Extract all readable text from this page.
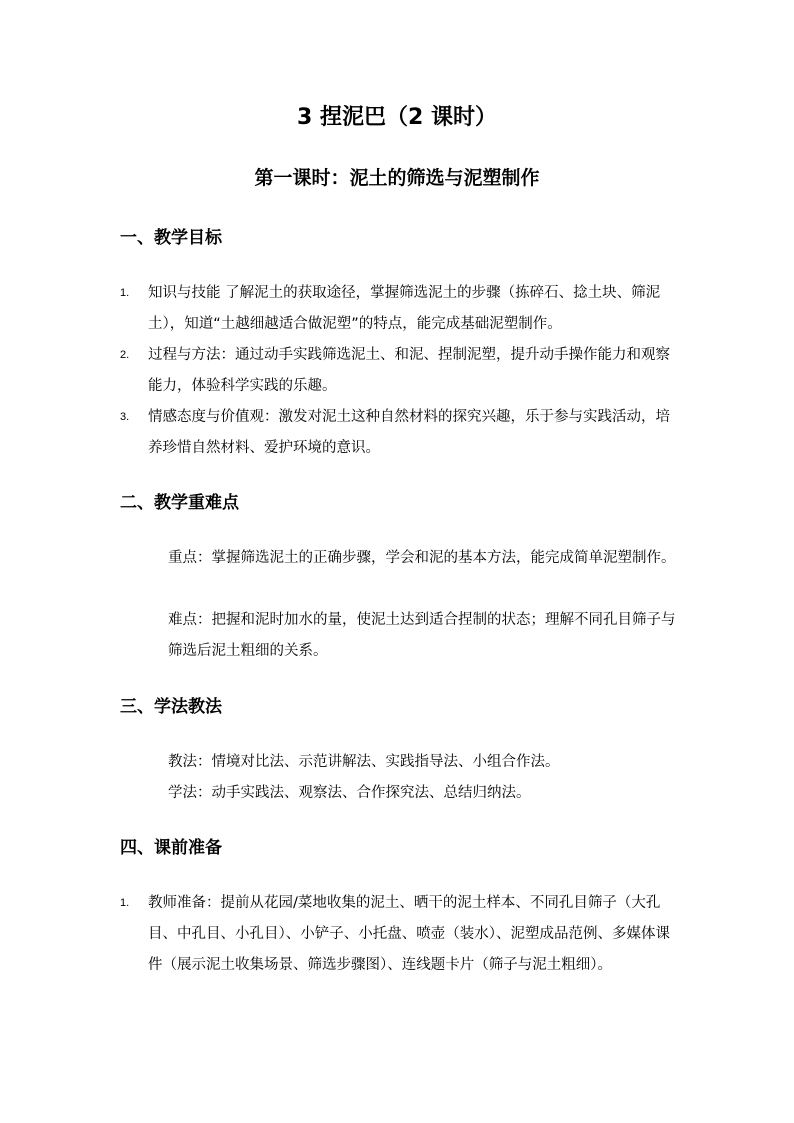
3 捏泥巴（2 课时）
第一课时：泥土的筛选与泥塑制作
一、教学目标
1.	知识与技能 了解泥土的获取途径，掌握筛选泥土的步骤（拣碎石、捻土块、筛泥土），知道“土越细越适合做泥塑”的特点，能完成基础泥塑制作。
2.	过程与方法：通过动手实践筛选泥土、和泥、捏制泥塑，提升动手操作能力和观察能力，体验科学实践的乐趣。
3.	情感态度与价值观：激发对泥土这种自然材料的探究兴趣，乐于参与实践活动，培养珍惜自然材料、爱护环境的意识。
二、教学重难点
重点：掌握筛选泥土的正确步骤，学会和泥的基本方法，能完成简单泥塑制作。
难点：把握和泥时加水的量，使泥土达到适合捏制的状态；理解不同孔目筛子与筛选后泥土粗细的关系。
三、学法教法
教法：情境对比法、示范讲解法、实践指导法、小组合作法。
学法：动手实践法、观察法、合作探究法、总结归纳法。
四、课前准备
1.	教师准备：提前从花园/菜地收集的泥土、晒干的泥土样本、不同孔目筛子（大孔目、中孔目、小孔目）、小铲子、小托盘、喷壶（装水）、泥塑成品范例、多媒体课件（展示泥土收集场景、筛选步骤图）、连线题卡片（筛子与泥土粗细）。
